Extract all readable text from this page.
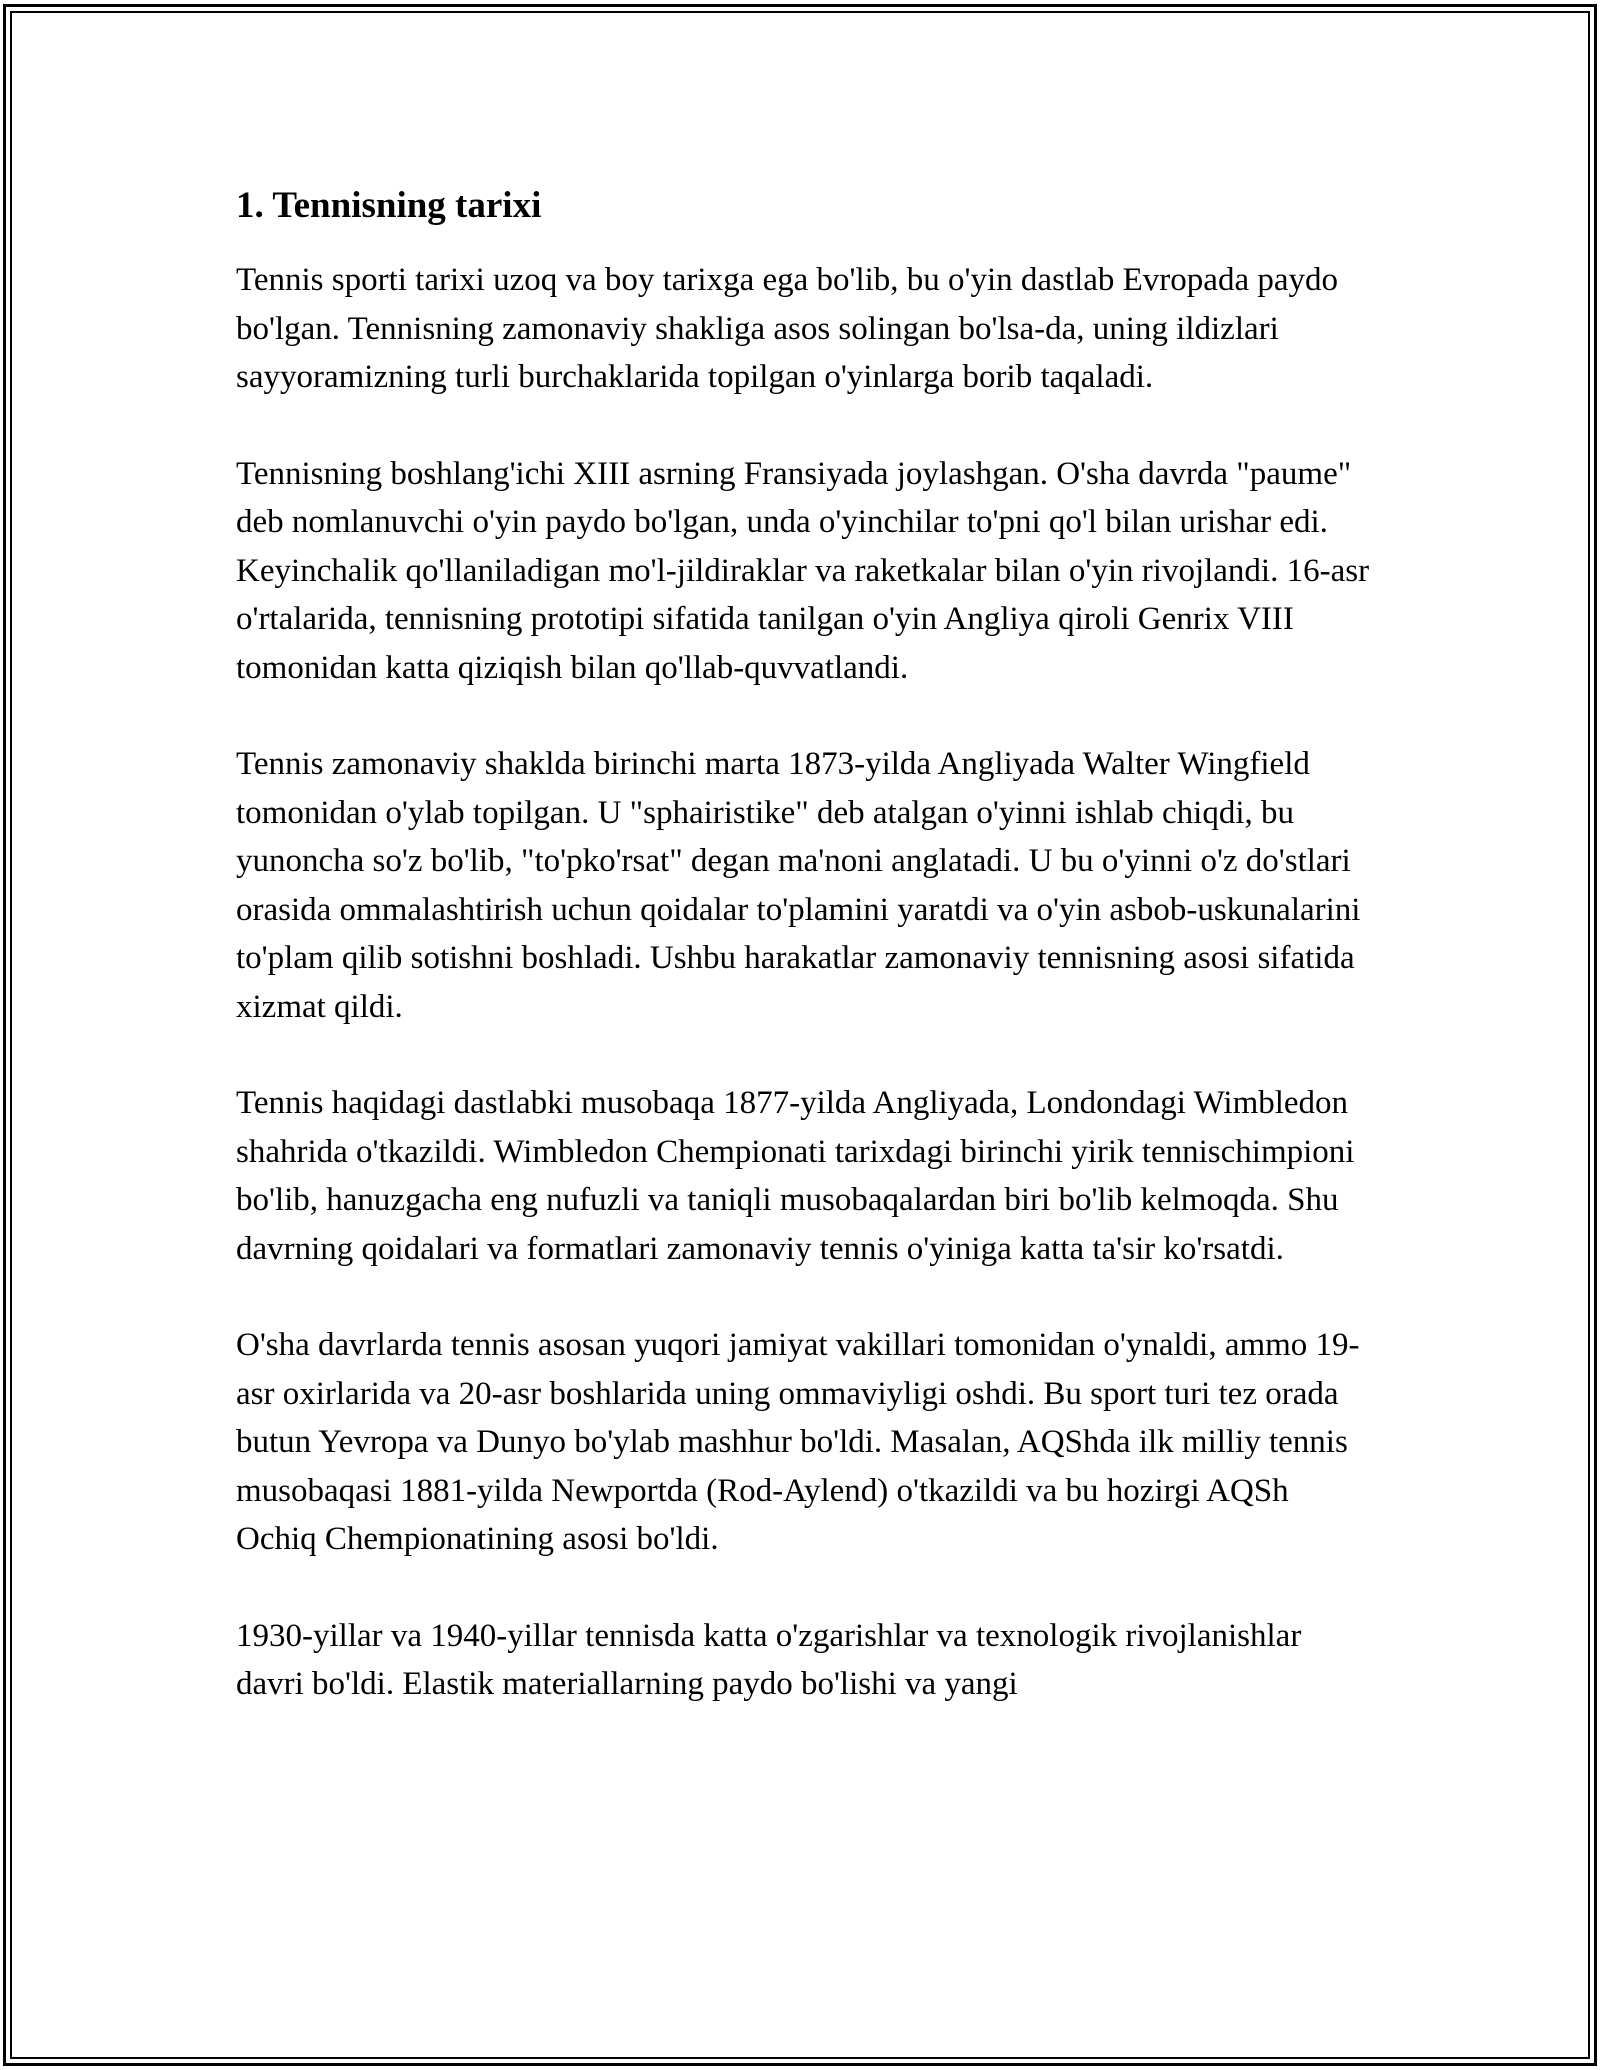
1. Tennisning tarixi

Tennis sporti tarixi uzoq va boy tarixga ega bo'lib, bu o'yin dastlab Evropada paydo bo'lgan. Tennisning zamonaviy shakliga asos solingan bo'lsa-da, uning ildizlari sayyoramizning turli burchaklarida topilgan o'yinlarga borib taqaladi.

Tennisning boshlang'ichi XIII asrning Fransiyada joylashgan. O'sha davrda "paume" deb nomlanuvchi o'yin paydo bo'lgan, unda o'yinchilar to'pni qo'l bilan urishar edi. Keyinchalik qo'llaniladigan mo'l-jildiraklar va raketkalar bilan o'yin rivojlandi. 16-asr o'rtalarida, tennisning prototipi sifatida tanilgan o'yin Angliya qiroli Genrix VIII tomonidan katta qiziqish bilan qo'llab-quvvatlandi.

Tennis zamonaviy shaklda birinchi marta 1873-yilda Angliyada Walter Wingfield tomonidan o'ylab topilgan. U "sphairistike" deb atalgan o'yinni ishlab chiqdi, bu yunoncha so'z bo'lib, "to'pko'rsat" degan ma'noni anglatadi. U bu o'yinni o'z do'stlari orasida ommalashtirish uchun qoidalar to'plamini yaratdi va o'yin asbob-uskunalarini to'plam qilib sotishni boshladi. Ushbu harakatlar zamonaviy tennisning asosi sifatida xizmat qildi.

Tennis haqidagi dastlabki musobaqa 1877-yilda Angliyada, Londondagi Wimbledon shahrida o'tkazildi. Wimbledon Chempionati tarixdagi birinchi yirik tennischimpioni bo'lib, hanuzgacha eng nufuzli va taniqli musobaqalardan biri bo'lib kelmoqda. Shu davrning qoidalari va formatlari zamonaviy tennis o'yiniga katta ta'sir ko'rsatdi.

O'sha davrlarda tennis asosan yuqori jamiyat vakillari tomonidan o'ynaldi, ammo 19-asr oxirlarida va 20-asr boshlarida uning ommaviyligi oshdi. Bu sport turi tez orada butun Yevropa va Dunyo bo'ylab mashhur bo'ldi. Masalan, AQShda ilk milliy tennis musobaqasi 1881-yilda Newportda (Rod-Aylend) o'tkazildi va bu hozirgi AQSh Ochiq Chempionatining asosi bo'ldi.

1930-yillar va 1940-yillar tennisda katta o'zgarishlar va texnologik rivojlanishlar davri bo'ldi. Elastik materiallarning paydo bo'lishi va yangi
